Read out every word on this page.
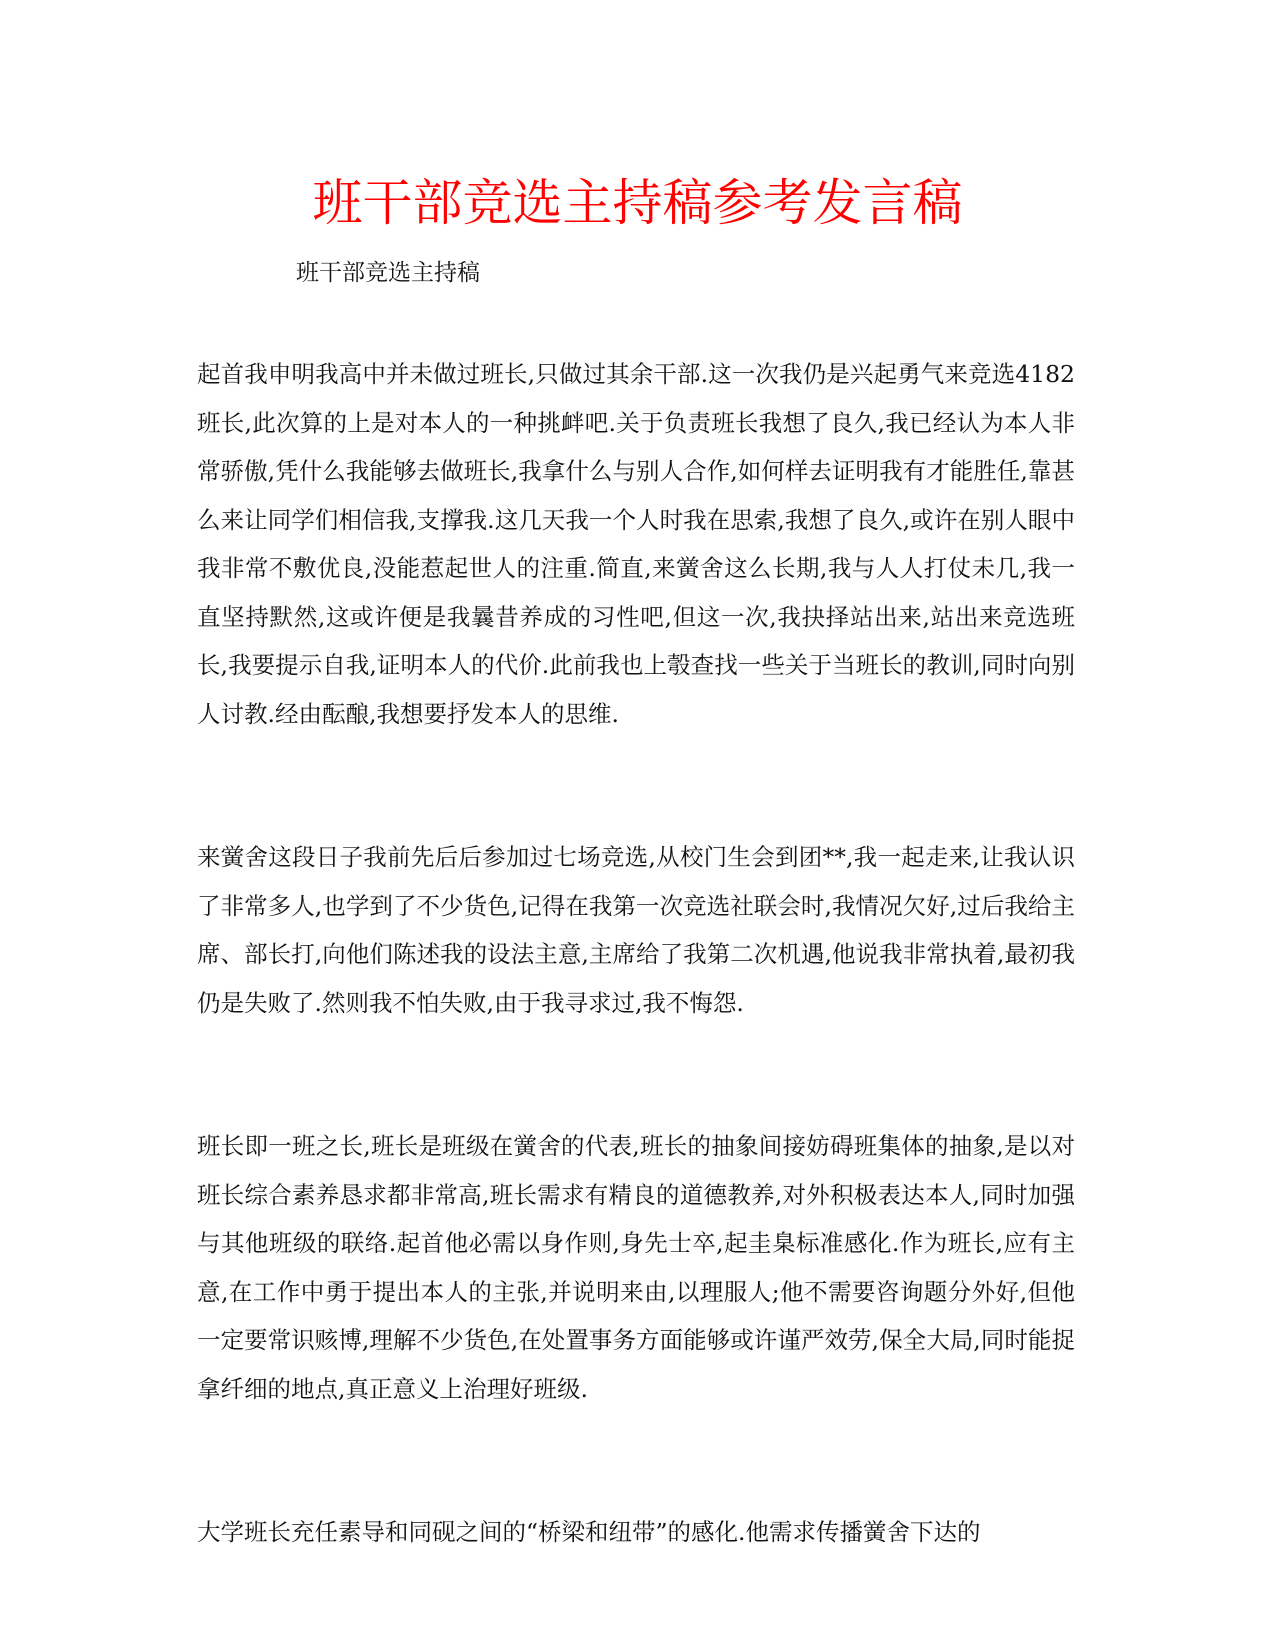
班干部竞选主持稿参考发言稿

班干部竞选主持稿

起首我申明我高中并未做过班长,只做过其余干部.这一次我仍是兴起勇气来竞选4182班长,此次算的上是对本人的一种挑衅吧.关于负责班长我想了良久,我已经认为本人非常骄傲,凭什么我能够去做班长,我拿什么与别人合作,如何样去证明我有才能胜任,靠甚么来让同学们相信我,支撑我.这几天我一个人时我在思索,我想了良久,或许在别人眼中我非常不敷优良,没能惹起世人的注重.简直,来黉舍这么长期,我与人人打仗未几,我一直坚持默然,这或许便是我曩昔养成的习性吧,但这一次,我抉择站出来,站出来竞选班长,我要提示自我,证明本人的代价.此前我也上彀查找一些关于当班长的教训,同时向别人讨教.经由酝酿,我想要抒发本人的思维.

来黉舍这段日子我前先后后参加过七场竞选,从校门生会到团**,我一起走来,让我认识了非常多人,也学到了不少货色,记得在我第一次竞选社联会时,我情况欠好,过后我给主席、部长打,向他们陈述我的设法主意,主席给了我第二次机遇,他说我非常执着,最初我仍是失败了.然则我不怕失败,由于我寻求过,我不悔怨.

班长即一班之长,班长是班级在黉舍的代表,班长的抽象间接妨碍班集体的抽象,是以对班长综合素养恳求都非常高,班长需求有精良的道德教养,对外积极表达本人,同时加强与其他班级的联络.起首他必需以身作则,身先士卒,起圭臬标准感化.作为班长,应有主意,在工作中勇于提出本人的主张,并说明来由,以理服人;他不需要咨询题分外好,但他一定要常识赅博,理解不少货色,在处置事务方面能够或许谨严效劳,保全大局,同时能捉拿纤细的地点,真正意义上治理好班级.

大学班长充任素导和同砚之间的“桥梁和纽带”的感化.他需求传播黉舍下达的
